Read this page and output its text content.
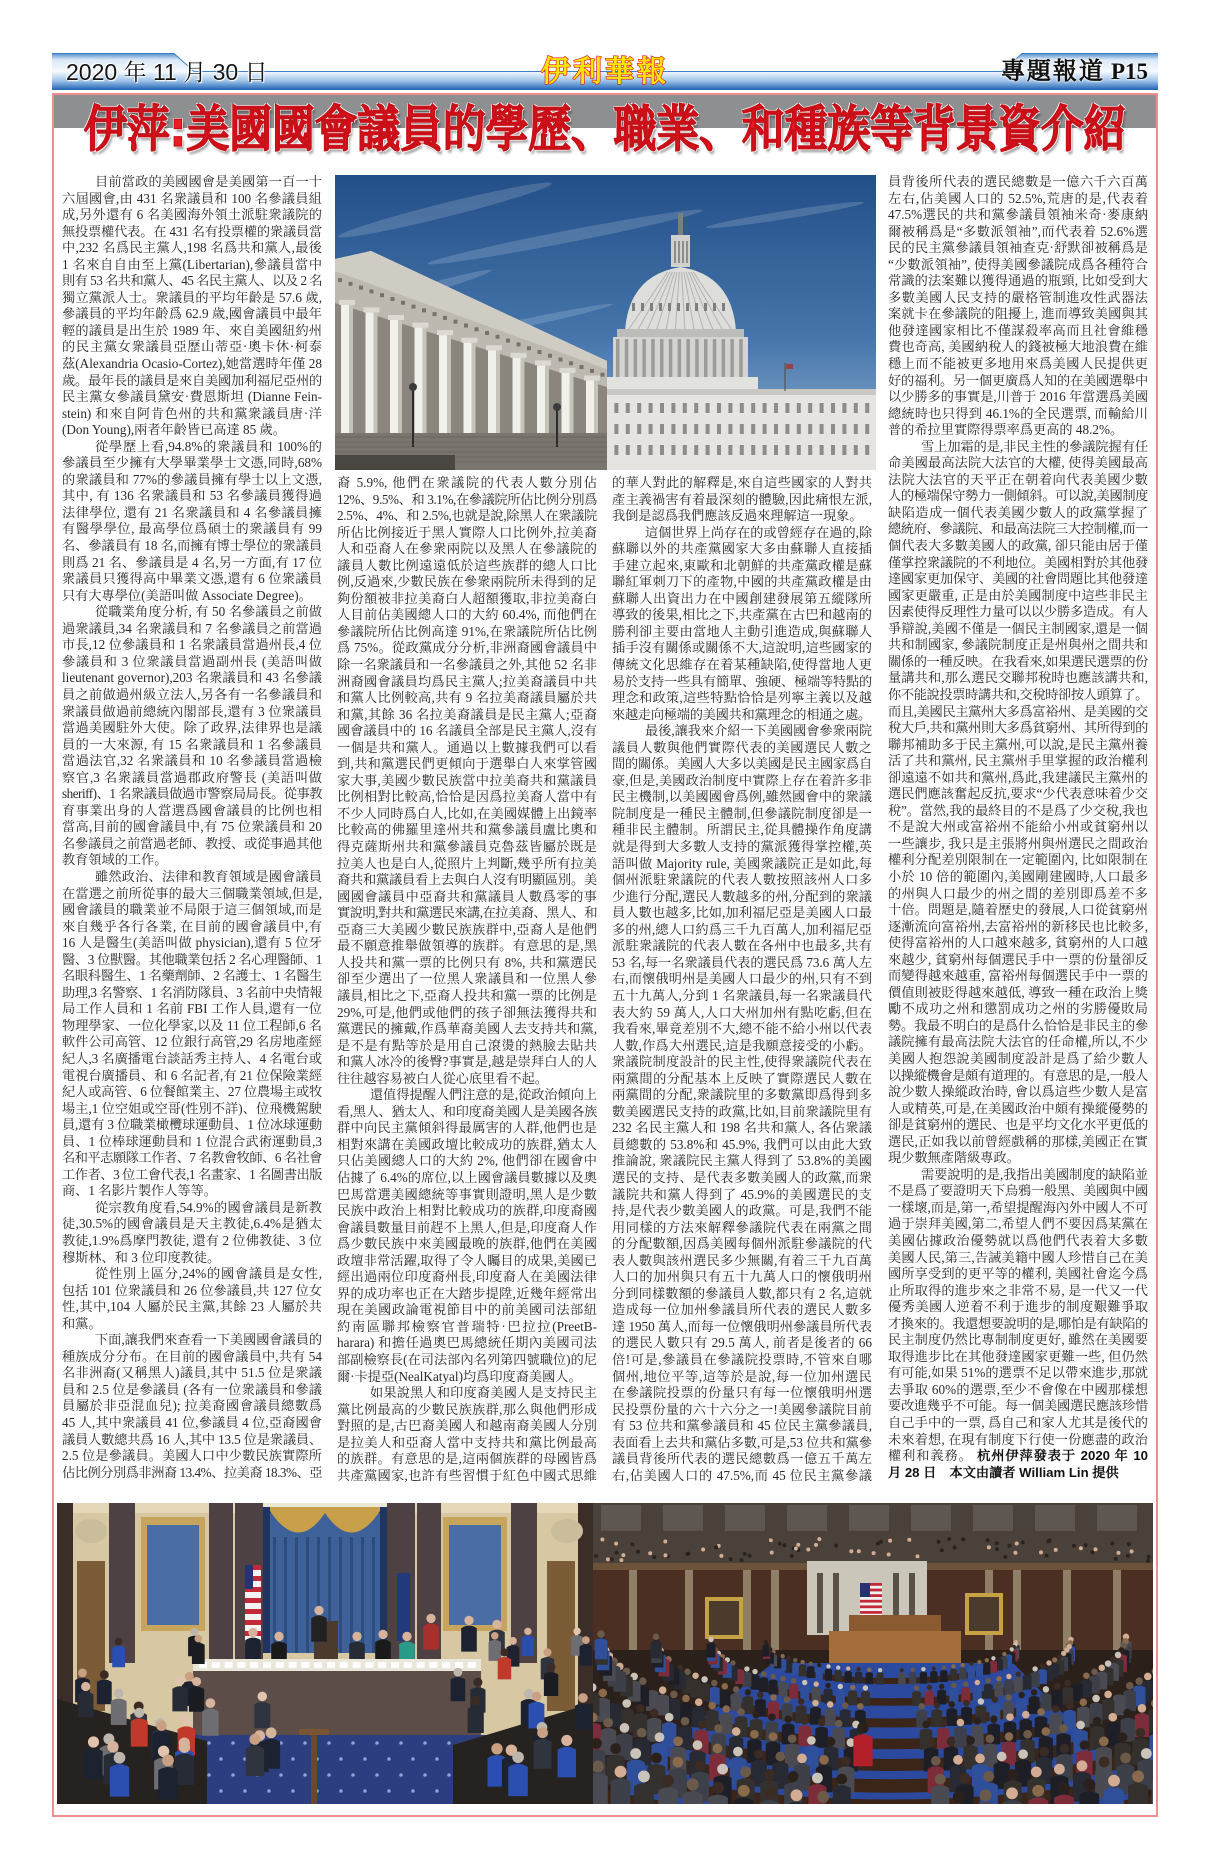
2020 年 11 月 30 日	伊利華報	專題報道 P15
伊萍:美國國會議員的學歷、職業、和種族等背景資介紹
目前當政的美國國會是美國第一百一十
六屆國會,由 431 名衆議員和 100 名參議員組
成,另外還有 6 名美國海外領土派駐衆議院的
無投票權代表。在 431 名有投票權的衆議員當
中,232 名爲民主黨人,198 名爲共和黨人,最後
1 名來自自由至上黨(Libertarian),參議員當中
則有 53 名共和黨人、45 名民主黨人、以及 2 名
獨立黨派人士。衆議員的平均年齡是 57.6 歲,
參議員的平均年齡爲 62.9 歲,國會議員中最年
輕的議員是出生於 1989 年、來自美國紐約州
的民主黨女衆議員亞歷山蒂亞·奧卡休·柯泰
茲(Alexandria Ocasio-Cortez),她當選時年僅 28
歲。最年長的議員是來自美國加利福尼亞州的
民主黨女參議員黛安·費恩斯坦 (Dianne Fein-
stein) 和來自阿肯色州的共和黨衆議員唐·洋
(Don Young),兩者年齡皆已高達 85 歲。
從學歷上看,94.8%的衆議員和 100%的
參議員至少擁有大學畢業學士文憑,同時,68%
的衆議員和 77%的參議員擁有學士以上文憑,
其中, 有 136 名衆議員和 53 名參議員獲得過
法律學位, 還有 21 名衆議員和 4 名參議員擁
有醫學學位, 最高學位爲碩士的衆議員有 99
名、參議員有 18 名,而擁有博士學位的衆議員
則爲 21 名、參議員是 4 名,另一方面,有 17 位
衆議員只獲得高中畢業文憑,還有 6 位衆議員
只有大專學位(美語叫做 Associate Degree)。
從職業角度分析, 有 50 名參議員之前做
過衆議員,34 名衆議員和 7 名參議員之前當過
市長,12 位參議員和 1 名衆議員當過州長,4 位
參議員和 3 位衆議員當過副州長 (美語叫做
lieutenant governor),203 名衆議員和 43 名參議
員之前做過州級立法人,另各有一名參議員和
衆議員做過前總統內閣部長,還有 3 位衆議員
當過美國駐外大使。除了政界,法律界也是議
員的一大來源, 有 15 名衆議員和 1 名參議員
當過法官,32 名衆議員和 10 名參議員當過檢
察官,3 名衆議員當過郡政府警長 (美語叫做
sheriff)、1 名衆議員做過市警察局局長。從事教
育事業出身的人當選爲國會議員的比例也相
當高,目前的國會議員中,有 75 位衆議員和 20
名參議員之前當過老師、教授、或從事過其他
教育領域的工作。
雖然政治、法律和教育領域是國會議員
在當選之前所從事的最大三個職業領域,但是,
國會議員的職業並不局限于這三個領域,而是
來自幾乎各行各業, 在目前的國會議員中,有
16 人是醫生(美語叫做 physician),還有 5 位牙
醫、3 位獸醫。其他職業包括 2 名心理醫師、1
名眼科醫生、1 名藥劑師、2 名護士、1 名醫生
助理,3 名警察、1 名消防隊員、3 名前中央情報
局工作人員和 1 名前 FBI 工作人員,還有一位
物理學家、一位化學家,以及 11 位工程師,6 名
軟件公司高管、12 位銀行高管,29 名房地產經
紀人,3 名廣播電台談話秀主持人、4 名電台或
電視台廣播員、和 6 名記者,有 21 位保險業經
紀人或高管、6 位餐館業主、27 位農場主或牧
場主,1 位空姐或空哥(性別不詳)、位飛機駕駛
員,還有 3 位職業橄欖球運動員、1 位冰球運動
員、1 位棒球運動員和 1 位混合武術運動員,3
名和平志願隊工作者、7 名教會牧師、6 名社會
工作者、3 位工會代表,1 名畫家、1 名圖書出版
商、1 名影片製作人等等。
從宗教角度看,54.9%的國會議員是新教
徒,30.5%的國會議員是天主教徒,6.4%是猶太
教徒,1.9%爲摩門教徒, 還有 2 位佛教徒、3 位
穆斯林、和 3 位印度教徒。
從性別上區分,24%的國會議員是女性,
包括 101 位衆議員和 26 位參議員,共 127 位女
性,其中,104 人屬於民主黨,其餘 23 人屬於共
和黨。
下面,讓我們來查看一下美國國會議員的
種族成分分布。在目前的國會議員中,共有 54
名非洲裔(又稱黑人)議員,其中 51.5 位是衆議
員和 2.5 位是參議員 (各有一位衆議員和參議
員屬於非亞混血兒); 拉美裔國會議員總數爲
45 人,其中衆議員 41 位,參議員 4 位,亞裔國會
議員人數總共爲 16 人,其中 13.5 位是衆議員、
2.5 位是參議員。美國人口中少數民族實際所
佔比例分別爲非洲裔 13.4%、拉美裔 18.3%、亞
裔 5.9%, 他們在衆議院的代表人數分別佔
12%、9.5%、和 3.1%,在參議院所佔比例分別爲
2.5%、4%、和 2.5%,也就是說,除黑人在衆議院
所佔比例接近于黑人實際人口比例外,拉美裔
人和亞裔人在參衆兩院以及黑人在參議院的
議員人數比例遠遠低於這些族群的總人口比
例,反過來,少數民族在參衆兩院所未得到的足
夠份額被非拉美裔白人超額獲取,非拉美裔白
人目前佔美國總人口的大約 60.4%, 而他們在
參議院所佔比例高達 91%,在衆議院所佔比例
爲 75%。從政黨成分分析,非洲裔國會議員中
除一名衆議員和一名參議員之外,其他 52 名非
洲裔國會議員均爲民主黨人;拉美裔議員中共
和黨人比例較高,共有 9 名拉美裔議員屬於共
和黨,其餘 36 名拉美裔議員是民主黨人;亞裔
國會議員中的 16 名議員全部是民主黨人,沒有
一個是共和黨人。通過以上數據我們可以看
到,共和黨選民們更傾向于選舉白人來掌管國
家大事,美國少數民族當中拉美裔共和黨議員
比例相對比較高,恰恰是因爲拉美裔人當中有
不少人同時爲白人,比如,在美國媒體上出鏡率
比較高的佛羅里達州共和黨參議員盧比奧和
得克薩斯州共和黨參議員克魯茲皆屬於既是
拉美人也是白人,從照片上判斷,幾乎所有拉美
裔共和黨議員看上去與白人沒有明顯區別。美
國國會議員中亞裔共和黨議員人數爲零的事
實說明,對共和黨選民來講,在拉美裔、黑人、和
亞裔三大美國少數民族族群中,亞裔人是他們
最不願意推舉做領導的族群。有意思的是,黑
人投共和黨一票的比例只有 8%, 共和黨選民
卻至少選出了一位黑人衆議員和一位黑人參
議員,相比之下,亞裔人投共和黨一票的比例是
29%,可是,他們或他們的孩子卻無法獲得共和
黨選民的擁戴,作爲華裔美國人去支持共和黨,
是不是有點等於是用自己滾燙的熱臉去貼共
和黨人冰冷的後臀?事實是,越是崇拜白人的人
往往越容易被白人從心底里看不起。
還值得提醒人們注意的是,從政治傾向上
看,黑人、猶太人、和印度裔美國人是美國各族
群中向民主黨傾斜得最厲害的人群,他們也是
相對來講在美國政壇比較成功的族群,猶太人
只佔美國總人口的大約 2%, 他們卻在國會中
佔據了 6.4%的席位,以上國會議員數據以及奧
巴馬當選美國總統等事實則證明,黑人是少數
民族中政治上相對比較成功的族群,印度裔國
會議員數量目前趕不上黑人,但是,印度裔人作
爲少數民族中來美國最晚的族群,他們在美國
政壇非常活躍,取得了令人矚目的成果,美國已
經出過兩位印度裔州長,印度裔人在美國法律
界的成功率也正在大踏步提陞,近幾年經常出
現在美國政論電視節目中的前美國司法部紐
約南區聯邦檢察官普瑞特·巴拉拉(PreetB-
harara) 和擔任過奧巴馬總統任期內美國司法
部副檢察長(在司法部內名列第四號職位)的尼
爾·卡提亞(NealKatyal)均爲印度裔美國人。
如果說黑人和印度裔美國人是支持民主
黨比例最高的少數民族族群,那么與他們形成
對照的是,古巴裔美國人和越南裔美國人分別
是拉美人和亞裔人當中支持共和黨比例最高
的族群。有意思的是,這兩個族群的母國皆爲
共產黨國家,也許有些習慣于紅色中國式思維
的華人對此的解釋是,來自這些國家的人對共
產主義禍害有着最深刻的體驗,因此痛恨左派,
我倒是認爲我們應該反過來理解這一現象。
這個世界上尚存在的或曾經存在過的,除
蘇聯以外的共產黨國家大多由蘇聯人直接插
手建立起來,東歐和北朝鮮的共產黨政權是蘇
聯紅軍刺刀下的產物,中國的共產黨政權是由
蘇聯人出資出力在中國創建發展第五縱隊所
導致的後果,相比之下,共產黨在古巴和越南的
勝利卻主要由當地人主動引進造成,與蘇聯人
插手沒有關係或關係不大,這說明,這些國家的
傳統文化思維存在着某種缺陷,使得當地人更
易於支持一些具有簡單、強硬、極端等特點的
理念和政策,這些特點恰恰是列寧主義以及越
來越走向極端的美國共和黨理念的相通之處。
最後,讓我來介紹一下美國國會參衆兩院
議員人數與他們實際代表的美國選民人數之
間的關係。美國人大多以美國是民主國家爲自
豪,但是,美國政治制度中實際上存在着許多非
民主機制,以美國國會爲例,雖然國會中的衆議
院制度是一種民主體制,但參議院制度卻是一
種非民主體制。所謂民主,從具體操作角度講
就是得到大多數人支持的黨派獲得掌控權,英
語叫做 Majority rule, 美國衆議院正是如此,每
個州派駐衆議院的代表人數按照該州人口多
少進行分配,選民人數越多的州,分配到的衆議
員人數也越多,比如,加利福尼亞是美國人口最
多的州,總人口約爲三千九百萬人,加利福尼亞
派駐衆議院的代表人數在各州中也最多,共有
53 名,每一名衆議員代表的選民爲 73.6 萬人左
右,而懷俄明州是美國人口最少的州,只有不到
五十九萬人,分到 1 名衆議員,每一名衆議員代
表大約 59 萬人,人口大州加州有點吃虧,但在
我看來,畢竟差別不大,總不能不給小州以代表
人數,作爲大州選民,這是我願意接受的小虧。
衆議院制度設計的民主性,使得衆議院代表在
兩黨間的分配基本上反映了實際選民人數在
兩黨間的分配,衆議院里的多數黨即爲得到多
數美國選民支持的政黨,比如,目前衆議院里有
232 名民主黨人和 198 名共和黨人, 各佔衆議
員總數的 53.8%和 45.9%, 我們可以由此大致
推論說, 衆議院民主黨人得到了 53.8%的美國
選民的支持、是代表多數美國人的政黨,而衆
議院共和黨人得到了 45.9%的美國選民的支
持,是代表少數美國人的政黨。可是,我們不能
用同樣的方法來解釋參議院代表在兩黨之間
的分配數額,因爲美國每個州派駐參議院的代
表人數與該州選民多少無關,有着三千九百萬
人口的加州與只有五十九萬人口的懷俄明州
分到同樣數額的參議員人數,都只有 2 名,這就
造成每一位加州參議員所代表的選民人數多
達 1950 萬人,而每一位懷俄明州參議員所代表
的選民人數只有 29.5 萬人, 前者是後者的 66
倍!可是,參議員在參議院投票時,不管來自哪
個州,地位平等,這等於是說,每一位加州選民
在參議院投票的份量只有每一位懷俄明州選
民投票份量的六十六分之一!美國參議院目前
有 53 位共和黨參議員和 45 位民主黨參議員,
表面看上去共和黨佔多數,可是,53 位共和黨參
議員背後所代表的選民總數爲一億五千萬左
右,佔美國人口的 47.5%,而 45 位民主黨參議
員背後所代表的選民總數是一億六千六百萬
左右,佔美國人口的 52.5%,荒唐的是,代表着
47.5%選民的共和黨參議員領袖米奇·麥康納
爾被稱爲是“多數派領袖”,而代表着 52.6%選
民的民主黨參議員領袖查克·舒默卻被稱爲是
“少數派領袖”, 使得美國參議院成爲各種符合
常識的法案難以獲得通過的瓶頸, 比如受到大
多數美國人民支持的嚴格管制進攻性武器法
案就卡在參議院的阻擾上, 進而導致美國與其
他發達國家相比不僅謀殺率高而且社會維穩
費也奇高, 美國納稅人的錢被極大地浪費在維
穩上而不能被更多地用來爲美國人民提供更
好的福利。另一個更廣爲人知的在美國選舉中
以少勝多的事實是,川普于 2016 年當選爲美國
總統時也只得到 46.1%的全民選票, 而輸給川
普的希拉里實際得票率爲更高的 48.2%。
雪上加霜的是,非民主性的參議院握有任
命美國最高法院大法官的大權, 使得美國最高
法院大法官的天平正在朝着向代表美國少數
人的極端保守勢力一側傾斜。可以說,美國制度
缺陷造成一個代表美國少數人的政黨掌握了
總統府、參議院、和最高法院三大控制權,而一
個代表大多數美國人的政黨, 卻只能由居于僅
僅掌控衆議院的不利地位。美國相對於其他發
達國家更加保守、美國的社會問題比其他發達
國家更嚴重, 正是由於美國制度中這些非民主
因素使得反理性力量可以以少勝多造成。有人
爭辯說,美國不僅是一個民主制國家,還是一個
共和制國家, 參議院制度正是州與州之間共和
關係的一種反映。在我看來,如果選民選票的份
量講共和,那么選民交聯邦稅時也應該講共和,
你不能說投票時講共和,交稅時卻按人頭算了。
而且,美國民主黨州大多爲富裕州、是美國的交
稅大戶,共和黨州則大多爲貧窮州、其所得到的
聯邦補助多于民主黨州,可以說,是民主黨州養
活了共和黨州, 民主黨州手里掌握的政治權利
卻遠遠不如共和黨州,爲此,我建議民主黨州的
選民們應該奮起反抗,要求“少代表意味着少交
稅”。當然,我的最終目的不是爲了少交稅,我也
不是說大州或富裕州不能給小州或貧窮州以
一些讓步, 我只是主張將州與州選民之間政治
權利分配差別限制在一定範圍內, 比如限制在
小於 10 倍的範圍內,美國剛建國時,人口最多
的州與人口最少的州之間的差別即爲差不多
十倍。問題是,隨着歷史的發展,人口從貧窮州
逐漸流向富裕州,去富裕州的新移民也比較多,
使得富裕州的人口越來越多, 貧窮州的人口越
來越少, 貧窮州每個選民手中一票的份量卻反
而變得越來越重, 富裕州每個選民手中一票的
價值則被貶得越來越低, 導致一種在政治上獎
勵不成功之州和懲罰成功之州的劣勝優敗局
勢。我最不明白的是爲什么恰恰是非民主的參
議院擁有最高法院大法官的任命權,所以,不少
美國人抱怨說美國制度設計是爲了給少數人
以操縱機會是頗有道理的。有意思的是,一般人
說少數人操縱政治時, 會以爲這些少數人是富
人或精英,可是,在美國政治中頗有操縱優勢的
卻是貧窮州的選民、也是平均文化水平更低的
選民,正如我以前曾經戲稱的那樣,美國正在實
現少數無產階級專政。
需要說明的是,我指出美國制度的缺陷並
不是爲了要證明天下烏鴉一般黑、美國與中國
一樣壞,而是,第一,希望提醒海內外中國人不可
過于崇拜美國,第二,希望人們不要因爲某黨在
美國佔據政治優勢就以爲他們代表着大多數
美國人民,第三,告誡美籍中國人珍惜自己在美
國所享受到的更平等的權利, 美國社會迄今爲
止所取得的進步來之非常不易, 是一代又一代
優秀美國人逆着不利于進步的制度艱難爭取
才換來的。我還想要說明的是,哪怕是有缺陷的
民主制度仍然比專制制度更好, 雖然在美國要
取得進步比在其他發達國家更難一些, 但仍然
有可能,如果 51%的選票不足以帶來進步,那就
去爭取 60%的選票,至少不會像在中國那樣想
要改進幾乎不可能。每一個美國選民應該珍惜
自己手中的一票, 爲自己和家人尤其是後代的
未來着想, 在現有制度下行使一份應盡的政治
權利和義務。 杭州伊萍發表于 2020 年 10
月 28 日　本文由讀者 William Lin 提供
